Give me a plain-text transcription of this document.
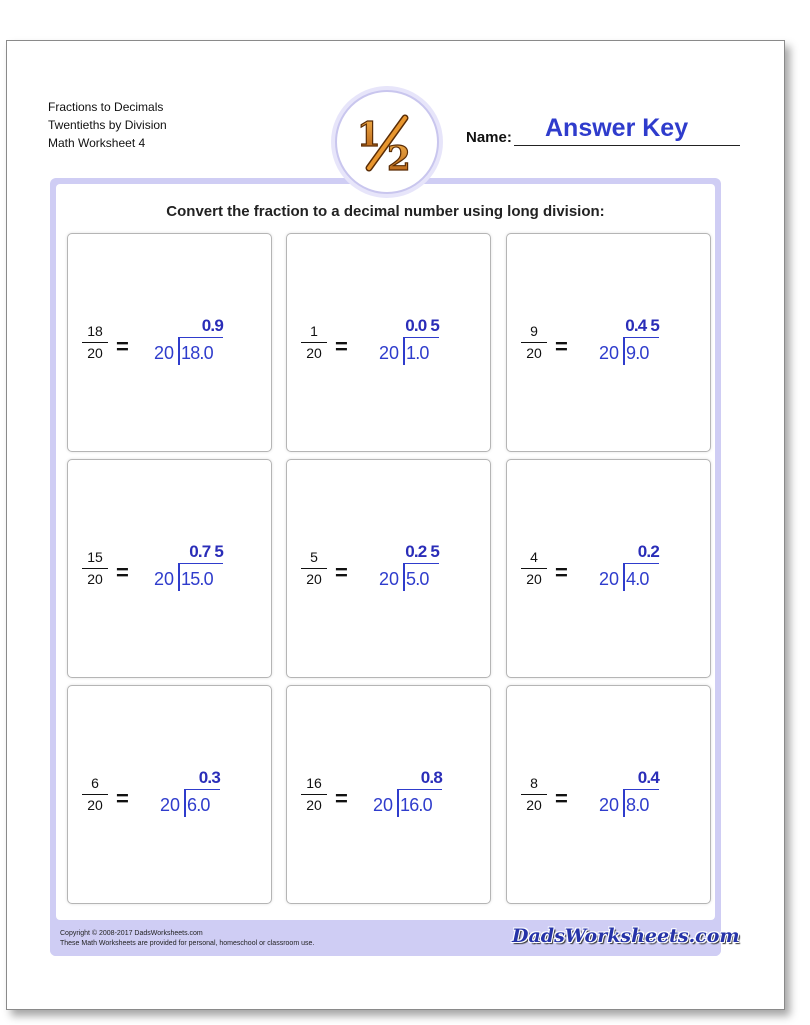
Fractions to Decimals
Twentieths by Division
Math Worksheet 4	1
2
Name: Answer Key
Convert the fraction to a decimal number using long division:
18
20 =	20 18.0
0.9	1
20 =	20 1.0
0.0 5	9
20 =	20 9.0
0.4 5
15
20 =	20 15.0
0.7 5	5
20 =	20 5.0
0.2 5	4
20 =	20 4.0
0.2
6
20 =	20 6.0
0.3	16
20 =	20 16.0
0.8	8
20 =	20 8.0
0.4
Copyright © 2008-2017 DadsWorksheets.com
These Math Worksheets are provided for personal, homeschool or classroom use.	DadsWorksheets.com
